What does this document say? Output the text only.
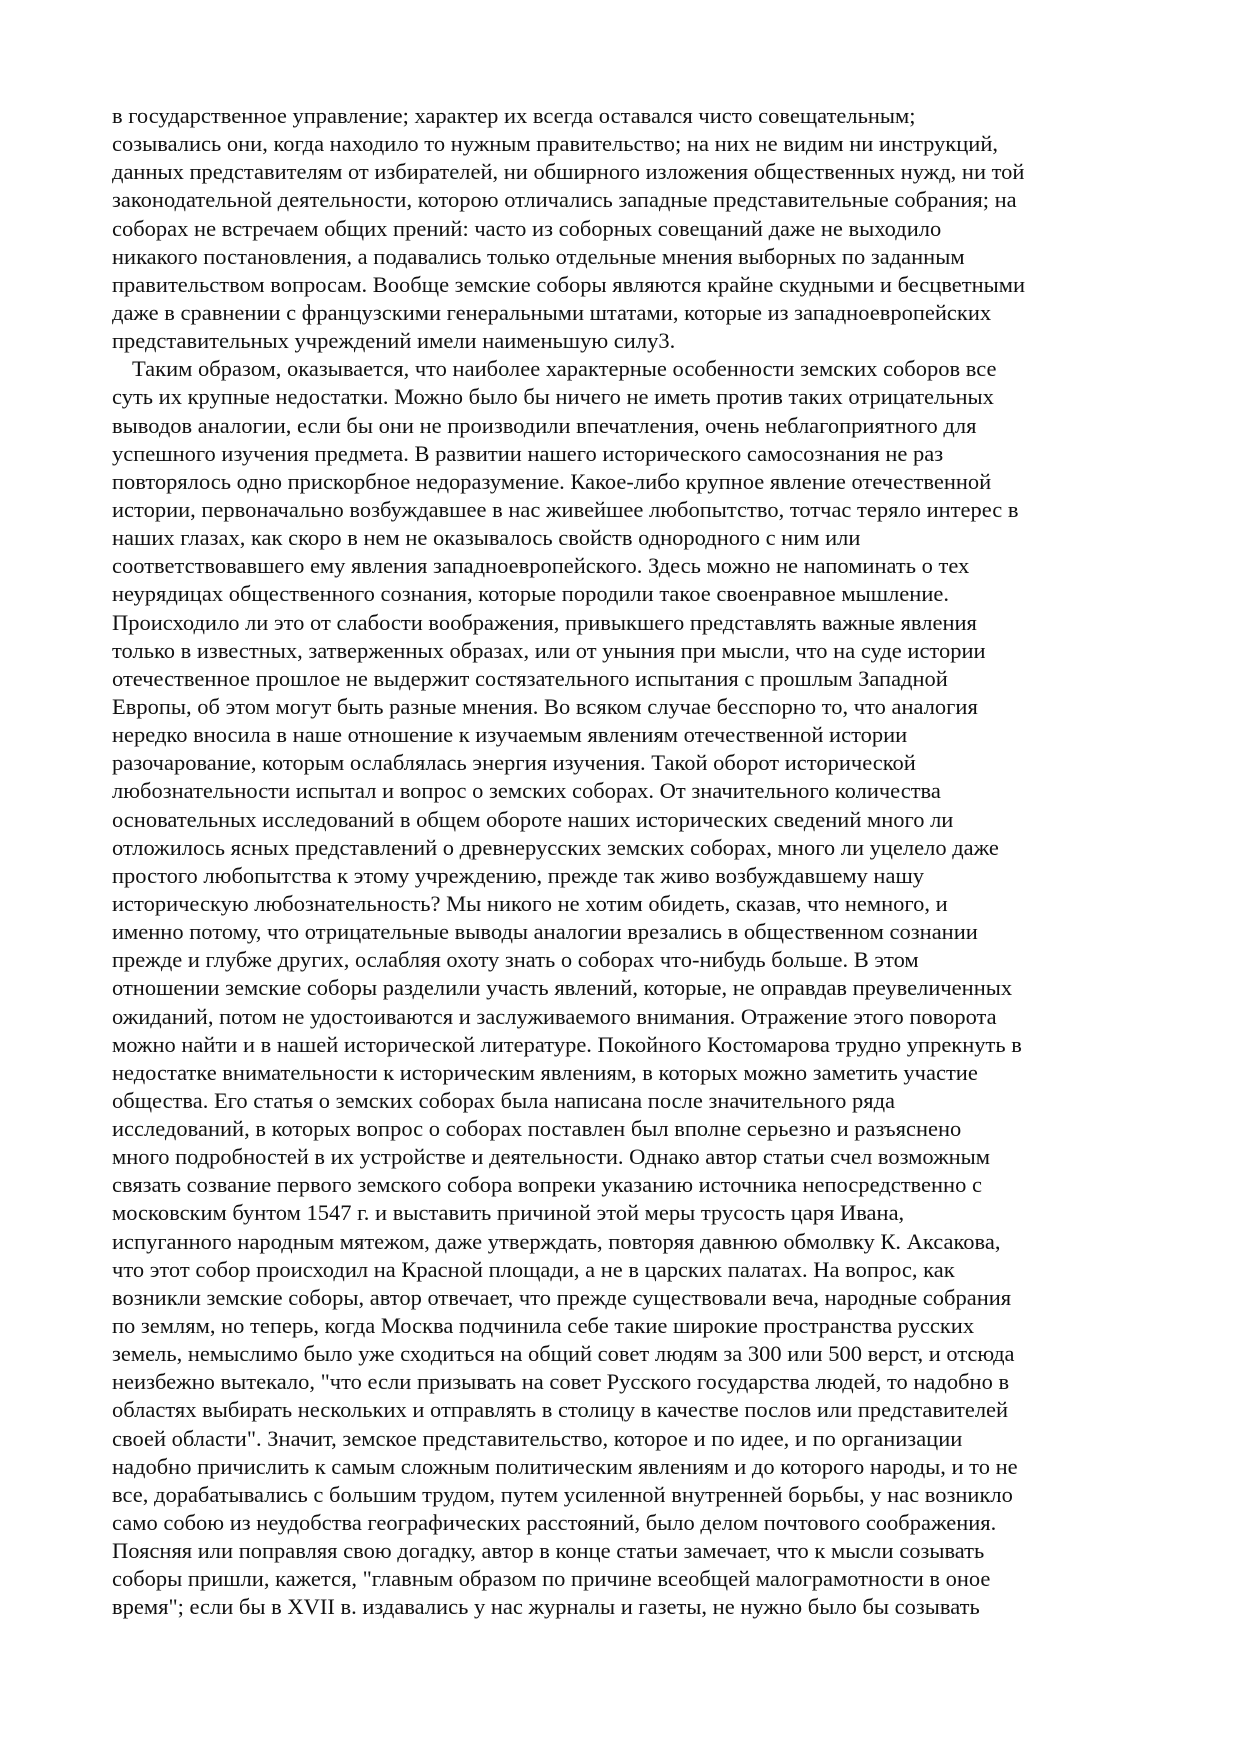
в государственное управление; характер их всегда оставался чисто совещательным;
созывались они, когда находило то нужным правительство; на них не видим ни инструкций,
данных представителям от избирателей, ни обширного изложения общественных нужд, ни той
законодательной деятельности, которою отличались западные представительные собрания; на
соборах не встречаем общих прений: часто из соборных совещаний даже не выходило
никакого постановления, а подавались только отдельные мнения выборных по заданным
правительством вопросам. Вообще земские соборы являются крайне скудными и бесцветными
даже в сравнении с французскими генеральными штатами, которые из западноевропейских
представительных учреждений имели наименьшую силу3.
Таким образом, оказывается, что наиболее характерные особенности земских соборов все
суть их крупные недостатки. Можно было бы ничего не иметь против таких отрицательных
выводов аналогии, если бы они не производили впечатления, очень неблагоприятного для
успешного изучения предмета. В развитии нашего исторического самосознания не раз
повторялось одно прискорбное недоразумение. Какое-либо крупное явление отечественной
истории, первоначально возбуждавшее в нас живейшее любопытство, тотчас теряло интерес в
наших глазах, как скоро в нем не оказывалось свойств однородного с ним или
соответствовавшего ему явления западноевропейского. Здесь можно не напоминать о тех
неурядицах общественного сознания, которые породили такое своенравное мышление.
Происходило ли это от слабости воображения, привыкшего представлять важные явления
только в известных, затверженных образах, или от уныния при мысли, что на суде истории
отечественное прошлое не выдержит состязательного испытания с прошлым Западной
Европы, об этом могут быть разные мнения. Во всяком случае бесспорно то, что аналогия
нередко вносила в наше отношение к изучаемым явлениям отечественной истории
разочарование, которым ослаблялась энергия изучения. Такой оборот исторической
любознательности испытал и вопрос о земских соборах. От значительного количества
основательных исследований в общем обороте наших исторических сведений много ли
отложилось ясных представлений о древнерусских земских соборах, много ли уцелело даже
простого любопытства к этому учреждению, прежде так живо возбуждавшему нашу
историческую любознательность? Мы никого не хотим обидеть, сказав, что немного, и
именно потому, что отрицательные выводы аналогии врезались в общественном сознании
прежде и глубже других, ослабляя охоту знать о соборах что-нибудь больше. В этом
отношении земские соборы разделили участь явлений, которые, не оправдав преувеличенных
ожиданий, потом не удостоиваются и заслуживаемого внимания. Отражение этого поворота
можно найти и в нашей исторической литературе. Покойного Костомарова трудно упрекнуть в
недостатке внимательности к историческим явлениям, в которых можно заметить участие
общества. Его статья о земских соборах была написана после значительного ряда
исследований, в которых вопрос о соборах поставлен был вполне серьезно и разъяснено
много подробностей в их устройстве и деятельности. Однако автор статьи счел возможным
связать созвание первого земского собора вопреки указанию источника непосредственно с
московским бунтом 1547 г. и выставить причиной этой меры трусость царя Ивана,
испуганного народным мятежом, даже утверждать, повторяя давнюю обмолвку К. Аксакова,
что этот собор происходил на Красной площади, а не в царских палатах. На вопрос, как
возникли земские соборы, автор отвечает, что прежде существовали веча, народные собрания
по землям, но теперь, когда Москва подчинила себе такие широкие пространства русских
земель, немыслимо было уже сходиться на общий совет людям за 300 или 500 верст, и отсюда
неизбежно вытекало, "что если призывать на совет Русского государства людей, то надобно в
областях выбирать нескольких и отправлять в столицу в качестве послов или представителей
своей области". Значит, земское представительство, которое и по идее, и по организации
надобно причислить к самым сложным политическим явлениям и до которого народы, и то не
все, дорабатывались с большим трудом, путем усиленной внутренней борьбы, у нас возникло
само собою из неудобства географических расстояний, было делом почтового соображения.
Поясняя или поправляя свою догадку, автор в конце статьи замечает, что к мысли созывать
соборы пришли, кажется, "главным образом по причине всеобщей малограмотности в оное
время"; если бы в XVII в. издавались у нас журналы и газеты, не нужно было бы созывать
